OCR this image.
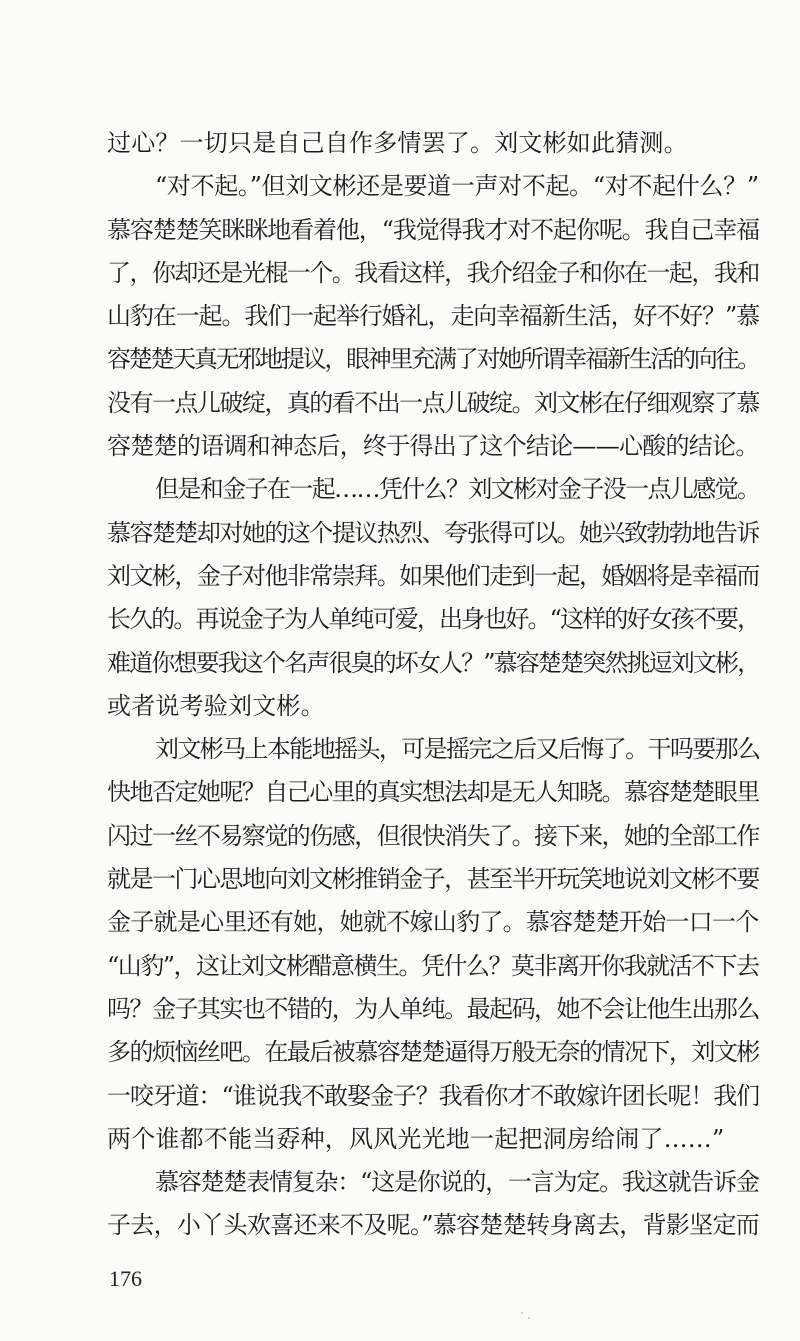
过心？一切只是自己自作多情罢了。刘文彬如此猜测。
“对不起。”但刘文彬还是要道一声对不起。“对不起什么？”
慕容楚楚笑眯眯地看着他，“我觉得我才对不起你呢。我自己幸福
了，你却还是光棍一个。我看这样，我介绍金子和你在一起，我和
山豹在一起。我们一起举行婚礼，走向幸福新生活，好不好？”慕
容楚楚天真无邪地提议，眼神里充满了对她所谓幸福新生活的向往。
没有一点儿破绽，真的看不出一点儿破绽。刘文彬在仔细观察了慕
容楚楚的语调和神态后，终于得出了这个结论——心酸的结论。
但是和金子在一起……凭什么？刘文彬对金子没一点儿感觉。
慕容楚楚却对她的这个提议热烈、夸张得可以。她兴致勃勃地告诉
刘文彬，金子对他非常崇拜。如果他们走到一起，婚姻将是幸福而
长久的。再说金子为人单纯可爱，出身也好。“这样的好女孩不要，
难道你想要我这个名声很臭的坏女人？”慕容楚楚突然挑逗刘文彬，
或者说考验刘文彬。
刘文彬马上本能地摇头，可是摇完之后又后悔了。干吗要那么
快地否定她呢？自己心里的真实想法却是无人知晓。慕容楚楚眼里
闪过一丝不易察觉的伤感，但很快消失了。接下来，她的全部工作
就是一门心思地向刘文彬推销金子，甚至半开玩笑地说刘文彬不要
金子就是心里还有她，她就不嫁山豹了。慕容楚楚开始一口一个
“山豹”，这让刘文彬醋意横生。凭什么？莫非离开你我就活不下去
吗？金子其实也不错的，为人单纯。最起码，她不会让他生出那么
多的烦恼丝吧。在最后被慕容楚楚逼得万般无奈的情况下，刘文彬
一咬牙道：“谁说我不敢娶金子？我看你才不敢嫁许团长呢！我们
两个谁都不能当孬种，风风光光地一起把洞房给闹了……”
慕容楚楚表情复杂：“这是你说的，一言为定。我这就告诉金
子去，小丫头欢喜还来不及呢。”慕容楚楚转身离去，背影坚定而
176
